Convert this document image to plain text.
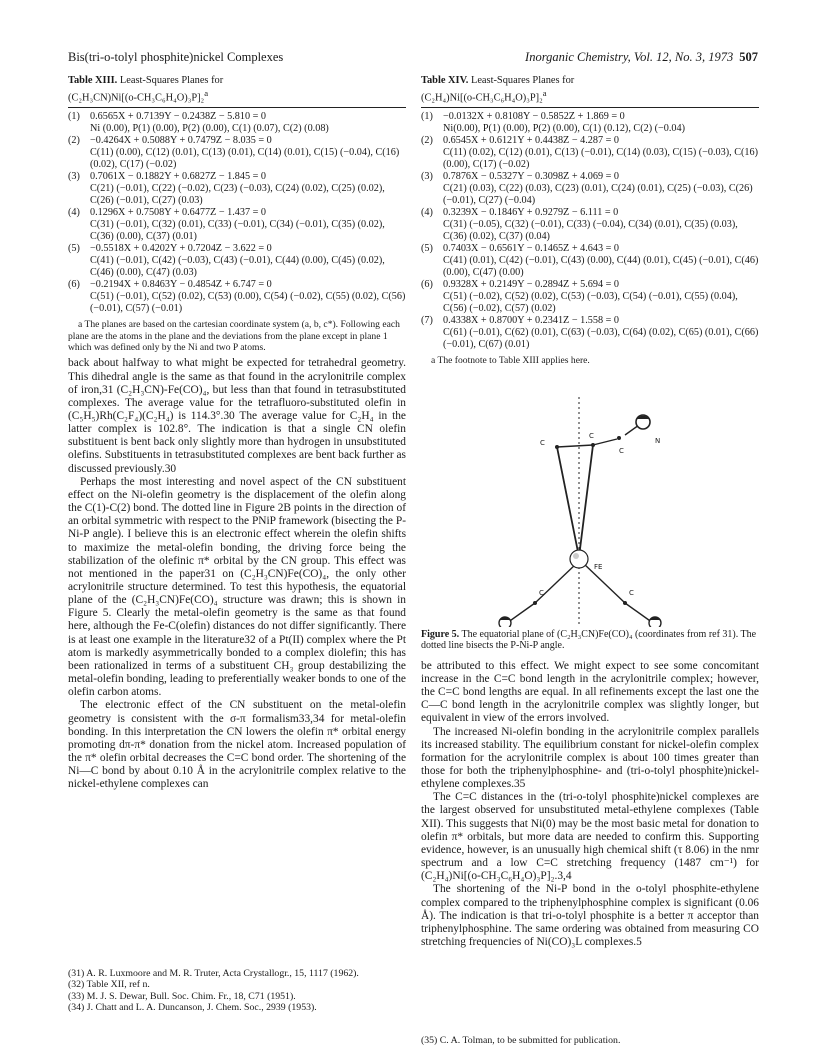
Bis(tri-o-tolyl phosphite)nickel Complexes	Inorganic Chemistry, Vol. 12, No. 3, 1973 507
Table XIII. Least-Squares Planes for
(C₂H₃CN)Ni[(o-CH₃C₆H₄O)₃P]₂$^a$
(1) 0.6565X + 0.7139Y − 0.2438Z − 5.810 = 0
Ni (0.00), P(1) (0.00), P(2) (0.00), C(1) (0.07), C(2) (0.08)
(2) −0.4264X + 0.5088Y + 0.7479Z − 8.035 = 0
C(11) (0.00), C(12) (0.01), C(13) (0.01), C(14) (0.01), C(15) (−0.04), C(16) (0.02), C(17) (−0.02)
(3) 0.7061X − 0.1882Y + 0.6827Z − 1.845 = 0
C(21) (−0.01), C(22) (−0.02), C(23) (−0.03), C(24) (0.02), C(25) (0.02), C(26) (−0.01), C(27) (0.03)
(4) 0.1296X + 0.7508Y + 0.6477Z − 1.437 = 0
C(31) (−0.01), C(32) (0.01), C(33) (−0.01), C(34) (−0.01), C(35) (0.02), C(36) (0.00), C(37) (0.01)
(5) −0.5518X + 0.4202Y + 0.7204Z − 3.622 = 0
C(41) (−0.01), C(42) (−0.03), C(43) (−0.01), C(44) (0.00), C(45) (0.02), C(46) (0.00), C(47) (0.03)
(6) −0.2194X + 0.8463Y − 0.4854Z + 6.747 = 0
C(51) (−0.01), C(52) (0.02), C(53) (0.00), C(54) (−0.02), C(55) (0.02), C(56) (−0.01), C(57) (−0.01)
a The planes are based on the cartesian coordinate system (a, b, c*). Following each plane are the atoms in the plane and the deviations from the plane except in plane 1 which was defined only by the Ni and two P atoms.

back about halfway to what might be expected for tetrahedral geometry. This dihedral angle is the same as that found in the acrylonitrile complex of iron,31 (C₂H₃CN)-Fe(CO)₄, but less than that found in tetrasubstituted complexes. The average value for the tetrafluoro-substituted olefin in (C₅H₅)Rh(C₂F₄)(C₂H₄) is 114.3°.30 The average value for C₂H₄ in the latter complex is 102.8°. The indication is that a single CN olefin substituent is bent back only slightly more than hydrogen in unsubstituted olefins. Substituents in tetrasubstituted complexes are bent back further as discussed previously.30

Perhaps the most interesting and novel aspect of the CN substituent effect on the Ni-olefin geometry is the displacement of the olefin along the C(1)-C(2) bond. The dotted line in Figure 2B points in the direction of an orbital symmetric with respect to the PNiP framework (bisecting the P-Ni-P angle). I believe this is an electronic effect wherein the olefin shifts to maximize the metal-olefin bonding, the driving force being the stabilization of the olefinic π* orbital by the CN group. This effect was not mentioned in the paper31 on (C₂H₃CN)Fe(CO)₄, the only other acrylonitrile structure determined. To test this hypothesis, the equatorial plane of the (C₂H₃CN)Fe(CO)₄ structure was drawn; this is shown in Figure 5. Clearly the metal-olefin geometry is the same as that found here, although the Fe-C(olefin) distances do not differ significantly. There is at least one example in the literature32 of a Pt(II) complex where the Pt atom is markedly asymmetrically bonded to a complex diolefin; this has been rationalized in terms of a substituent CH₃ group destabilizing the metal-olefin bonding, leading to preferentially weaker bonds to one of the olefin carbon atoms.

The electronic effect of the CN substituent on the metal-olefin geometry is consistent with the σ-π formalism33,34 for metal-olefin bonding. In this interpretation the CN lowers the olefin π* orbital energy promoting dπ-π* donation from the nickel atom. Increased population of the π* olefin orbital decreases the C=C bond order. The shortening of the Ni—C bond by about 0.10 Å in the acrylonitrile complex relative to the nickel-ethylene complexes can

Table XIV. Least-Squares Planes for
(C₂H₄)Ni[(o-CH₃C₆H₄O)₃P]₂$^a$
(1) −0.0132X + 0.8108Y − 0.5852Z + 1.869 = 0
Ni(0.00), P(1) (0.00), P(2) (0.00), C(1) (0.12), C(2) (−0.04)
(2) 0.6545X + 0.6121Y + 0.4438Z − 4.287 = 0
C(11) (0.02), C(12) (0.01), C(13) (−0.01), C(14) (0.03), C(15) (−0.03), C(16) (0.00), C(17) (−0.02)
(3) 0.7876X − 0.5327Y − 0.3098Z + 4.069 = 0
C(21) (0.03), C(22) (0.03), C(23) (0.01), C(24) (0.01), C(25) (−0.03), C(26) (−0.01), C(27) (−0.04)
(4) 0.3239X − 0.1846Y + 0.9279Z − 6.111 = 0
C(31) (−0.05), C(32) (−0.01), C(33) (−0.04), C(34) (0.01), C(35) (0.03), C(36) (0.02), C(37) (0.04)
(5) 0.7403X − 0.6561Y − 0.1465Z + 4.643 = 0
C(41) (0.01), C(42) (−0.01), C(43) (0.00), C(44) (0.01), C(45) (−0.01), C(46) (0.00), C(47) (0.00)
(6) 0.9328X + 0.2149Y − 0.2894Z + 5.694 = 0
C(51) (−0.02), C(52) (0.02), C(53) (−0.03), C(54) (−0.01), C(55) (0.04), C(56) (−0.02), C(57) (0.02)
(7) 0.4338X + 0.8700Y + 0.2341Z − 1.558 = 0
C(61) (−0.01), C(62) (0.01), C(63) (−0.03), C(64) (0.02), C(65) (0.01), C(66) (−0.01), C(67) (0.01)
a The footnote to Table XIII applies here.
C
C
N
C
FE
C	C
Figure 5. The equatorial plane of (C₂H₃CN)Fe(CO)₄ (coordinates from ref 31). The dotted line bisects the P-Ni-P angle.

be attributed to this effect. We might expect to see some concomitant increase in the C=C bond length in the acrylonitrile complex; however, the C=C bond lengths are equal. In all refinements except the last one the C—C bond length in the acrylonitrile complex was slightly longer, but equivalent in view of the errors involved.

The increased Ni-olefin bonding in the acrylonitrile complex parallels its increased stability. The equilibrium constant for nickel-olefin complex formation for the acrylonitrile complex is about 100 times greater than those for both the triphenylphosphine- and (tri-o-tolyl phosphite)nickel-ethylene complexes.35

The C=C distances in the (tri-o-tolyl phosphite)nickel complexes are the largest observed for unsubstituted metal-ethylene complexes (Table XII). This suggests that Ni(0) may be the most basic metal for donation to olefin π* orbitals, but more data are needed to confirm this. Supporting evidence, however, is an unusually high chemical shift (τ 8.06) in the nmr spectrum and a low C=C stretching frequency (1487 cm⁻¹) for (C₂H₄)Ni[(o-CH₃C₆H₄O)₃P]₂.3,4

The shortening of the Ni-P bond in the o-tolyl phosphite-ethylene complex compared to the triphenylphosphine complex is significant (0.06 Å). The indication is that tri-o-tolyl phosphite is a better π acceptor than triphenylphosphine. The same ordering was obtained from measuring CO stretching frequencies of Ni(CO)₃L complexes.5

(31) A. R. Luxmoore and M. R. Truter, Acta Crystallogr., 15, 1117 (1962).
(32) Table XII, ref n.
(33) M. J. S. Dewar, Bull. Soc. Chim. Fr., 18, C71 (1951).
(34) J. Chatt and L. A. Duncanson, J. Chem. Soc., 2939 (1953).
(35) C. A. Tolman, to be submitted for publication.
